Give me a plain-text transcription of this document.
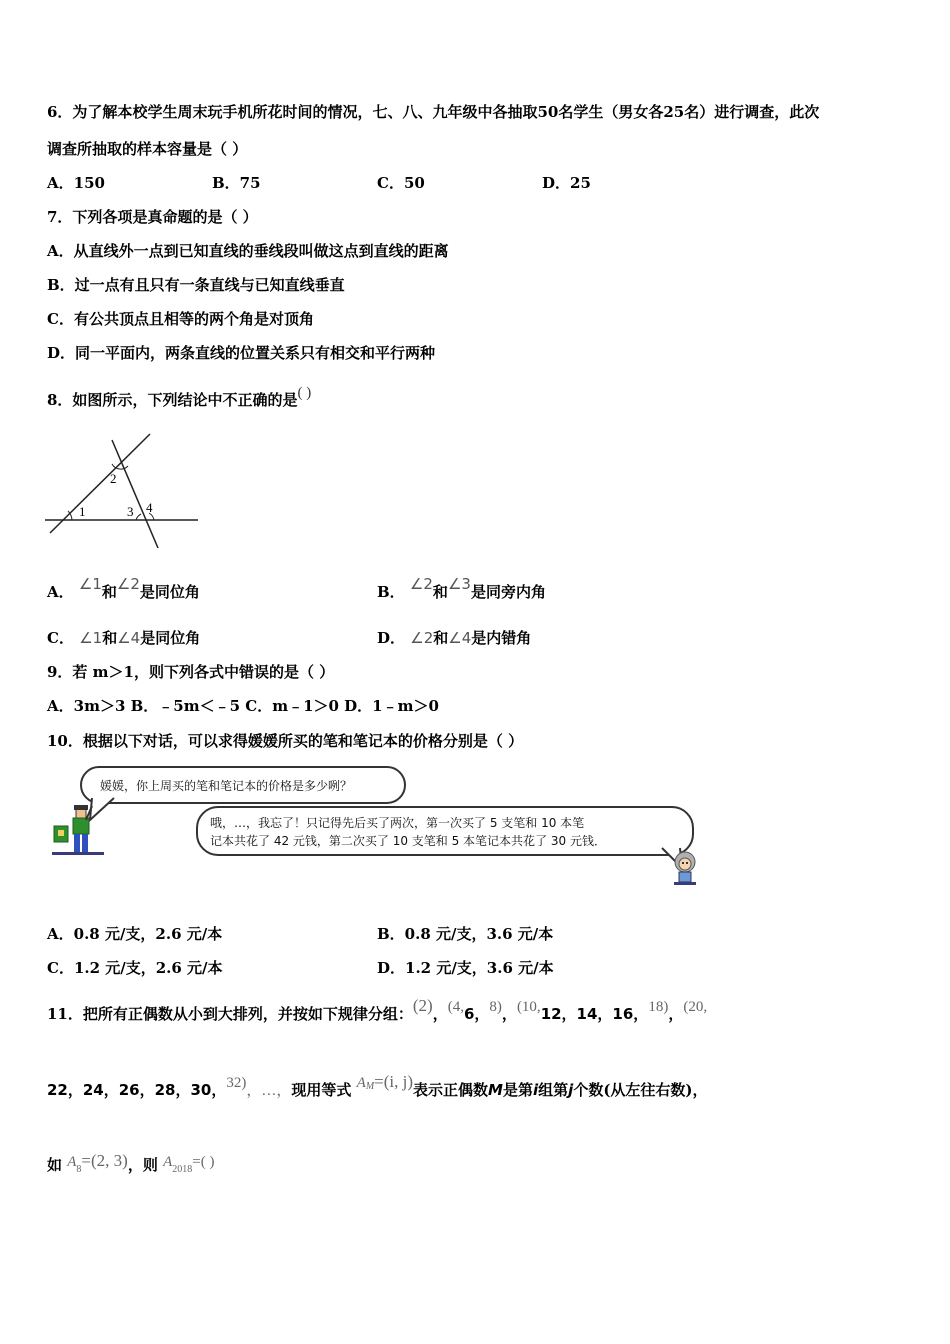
6．为了解本校学生周末玩手机所花时间的情况，七、八、九年级中各抽取50名学生（男女各25名）进行调查，此次
调查所抽取的样本容量是（ ）
A．150	B．75	C．50	D．25
7．下列各项是真命题的是（ ）
A．从直线外一点到已知直线的垂线段叫做这点到直线的距离
B．过一点有且只有一条直线与已知直线垂直
C．有公共顶点且相等的两个角是对顶角
D．同一平面内，两条直线的位置关系只有相交和平行两种
8．如图所示，下列结论中不正确的是( )
1
2
3 4
A． ∠1和∠2是同位角	B． ∠2和∠3是同旁内角
C． ∠1和∠4是同位角	D． ∠2和∠4是内错角
9．若 m＞1，则下列各式中错误的是（ ）
A．3m＞3 B．﹣5m＜﹣5 C．m﹣1＞0 D．1﹣m＞0
10．根据以下对话，可以求得媛媛所买的笔和笔记本的价格分别是（ ）
媛媛，你上周买的笔和笔记本的价格是多少咧？
哦，…，我忘了！只记得先后买了两次，第一次买了 5 支笔和 10 本笔
记本共花了 42 元钱，第二次买了 10 支笔和 5 本笔记本共花了 30 元钱．
A．0.8 元/支，2.6 元/本	B．0.8 元/支，3.6 元/本
C．1.2 元/支，2.6 元/本	D．1.2 元/支，3.6 元/本
11．把所有正偶数从小到大排列，并按如下规律分组：(2)，(4,6，8)，(10,12，14，16，18)，(20,
22，24，26，28，30，32)，…，现用等式 $A^M=(i$, j)表示正偶数M是第i组第j个数(从左往右数)，
如 A8=(2, 3)，则 A2018=( )
